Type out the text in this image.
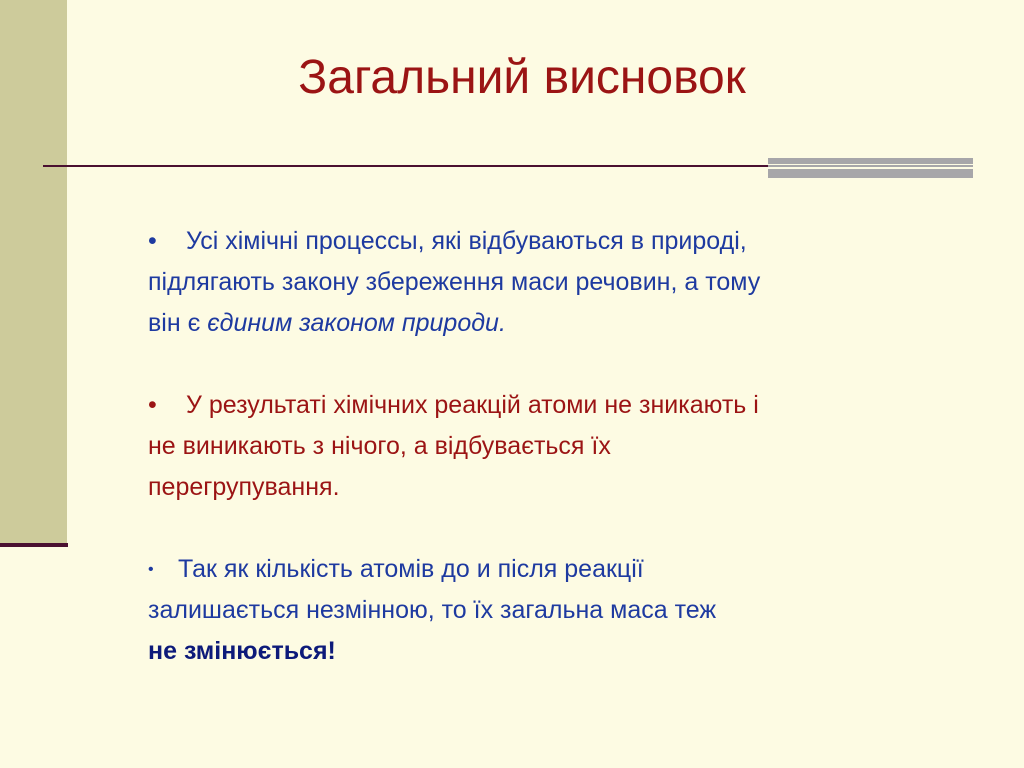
Загальний висновок
• Усі хімічні процессы, які відбуваються в природі,
підлягають закону збереження маси речовин, а тому
він є єдиним законом природи.
• У результаті хімічних реакцій атоми не зникають і
не виникають з нічого, а відбувається їх
перегрупування.
• Так як кількість атомів до и після реакції
залишається незмінною, то їх загальна маса теж
не змінюється!
